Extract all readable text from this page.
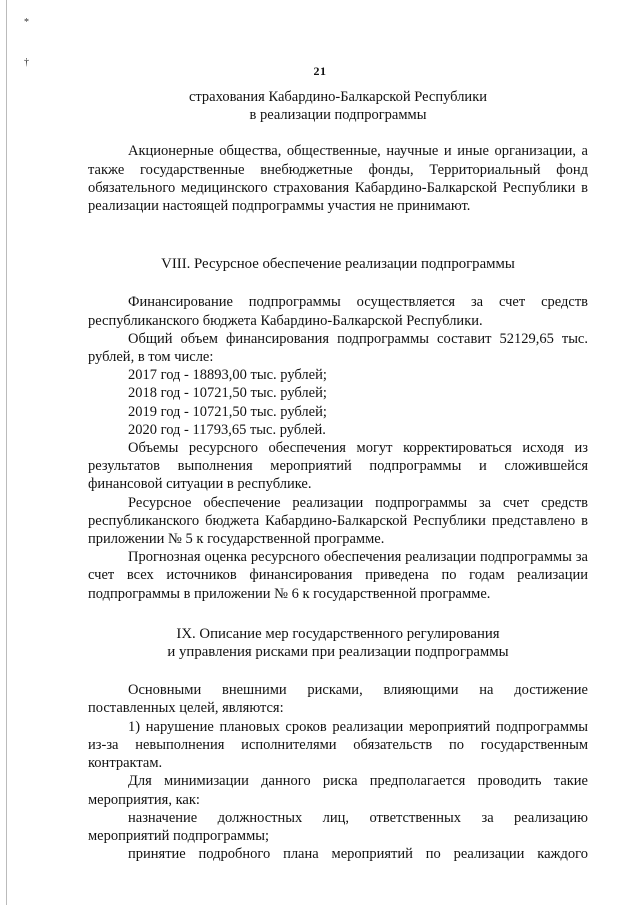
*
†
21
страхования Кабардино-Балкарской Республики
в реализации подпрограммы
Акционерные общества, общественные, научные и иные организации, а также государственные внебюджетные фонды, Территориальный фонд обязательного медицинского страхования Кабардино-Балкарской Республики в реализации настоящей подпрограммы участия не принимают.
VIII. Ресурсное обеспечение реализации подпрограммы
Финансирование подпрограммы осуществляется за счет средств республиканского бюджета Кабардино-Балкарской Республики.
Общий объем финансирования подпрограммы составит 52129,65 тыс. рублей, в том числе:
2017 год - 18893,00 тыс. рублей;
2018 год - 10721,50 тыс. рублей;
2019 год - 10721,50 тыс. рублей;
2020 год - 11793,65 тыс. рублей.
Объемы ресурсного обеспечения могут корректироваться исходя из результатов выполнения мероприятий подпрограммы и сложившейся финансовой ситуации в республике.
Ресурсное обеспечение реализации подпрограммы за счет средств республиканского бюджета Кабардино-Балкарской Республики представлено в приложении № 5 к государственной программе.
Прогнозная оценка ресурсного обеспечения реализации подпрограммы за счет всех источников финансирования приведена по годам реализации подпрограммы в приложении № 6 к государственной программе.
IX. Описание мер государственного регулирования
и управления рисками при реализации подпрограммы
Основными внешними рисками, влияющими на достижение поставленных целей, являются:
1) нарушение плановых сроков реализации мероприятий подпрограммы из-за невыполнения исполнителями обязательств по государственным контрактам.
Для минимизации данного риска предполагается проводить такие мероприятия, как:
назначение должностных лиц, ответственных за реализацию мероприятий подпрограммы;
принятие подробного плана мероприятий по реализации каждого
